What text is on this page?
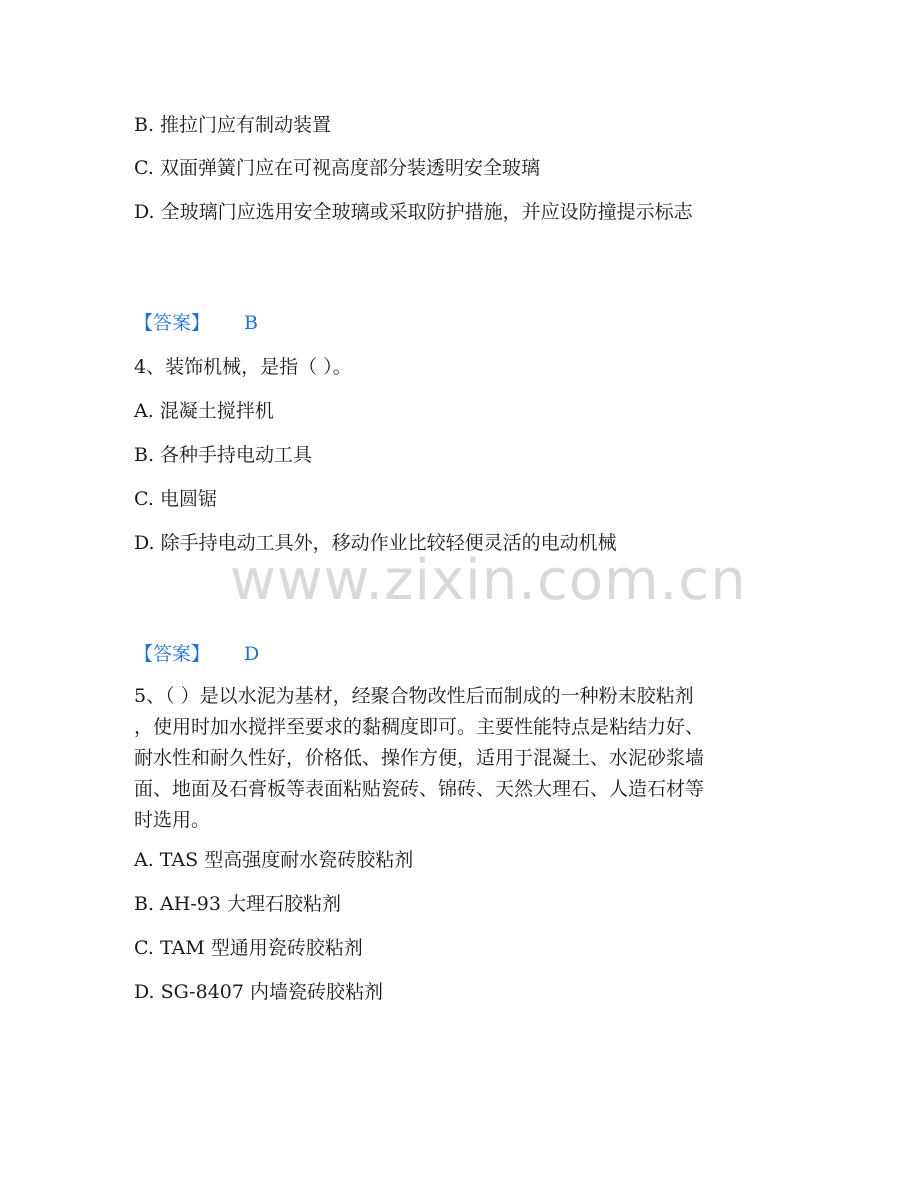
B. 推拉门应有制动装置
C. 双面弹簧门应在可视高度部分装透明安全玻璃
D. 全玻璃门应选用安全玻璃或采取防护措施，并应设防撞提示标志
【答案】 B
4、装饰机械，是指（ ）。
A. 混凝土搅拌机
B. 各种手持电动工具
C. 电圆锯
D. 除手持电动工具外，移动作业比较轻便灵活的电动机械
www.zixin.com.cn
【答案】 D
5、（ ）是以水泥为基材，经聚合物改性后而制成的一种粉末胶粘剂
，使用时加水搅拌至要求的黏稠度即可。主要性能特点是粘结力好、
耐水性和耐久性好，价格低、操作方便，适用于混凝土、水泥砂浆墙
面、地面及石膏板等表面粘贴瓷砖、锦砖、天然大理石、人造石材等
时选用。
A. TAS 型高强度耐水瓷砖胶粘剂
B. AH-93 大理石胶粘剂
C. TAM 型通用瓷砖胶粘剂
D. SG-8407 内墙瓷砖胶粘剂
